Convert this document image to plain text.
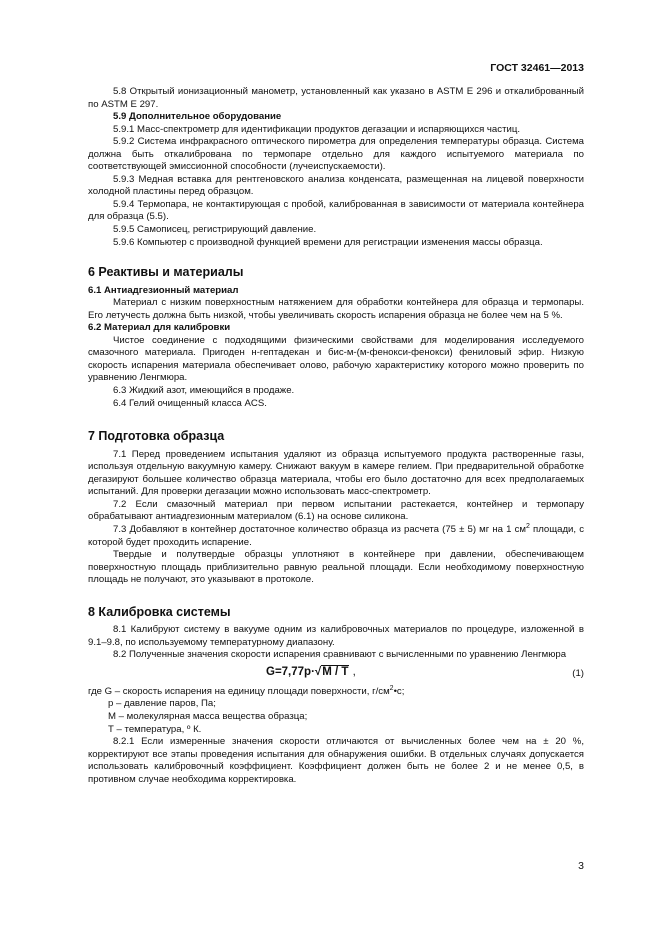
ГОСТ 32461—2013

5.8 Открытый ионизационный манометр, установленный как указано в ASTM E 296 и откалиброванный по ASTM E 297.

5.9 Дополнительное оборудование

5.9.1 Масс-спектрометр для идентификации продуктов дегазации и испаряющихся частиц.

5.9.2 Система инфракрасного оптического пирометра для определения температуры образца. Система должна быть откалибрована по термопаре отдельно для каждого испытуемого материала по соответствующей эмиссионной способности (лучеиспускаемости).

5.9.3 Медная вставка для рентгеновского анализа конденсата, размещенная на лицевой поверхности холодной пластины перед образцом.

5.9.4 Термопара, не контактирующая с пробой, калиброванная в зависимости от материала контейнера для образца (5.5).

5.9.5 Самописец, регистрирующий давление.

5.9.6 Компьютер с производной функцией времени для регистрации изменения массы образца.

6 Реактивы и материалы

6.1 Антиадгезионный материал

Материал с низким поверхностным натяжением для обработки контейнера для образца и термопары. Его летучесть должна быть низкой, чтобы увеличивать скорость испарения образца не более чем на 5 %.

6.2 Материал для калибровки

Чистое соединение с подходящими физическими свойствами для моделирования исследуемого смазочного материала. Пригоден н-гептадекан и бис-м-(м-фенокси-фенокси) фениловый эфир. Низкую скорость испарения материала обеспечивает олово, рабочую характеристику которого можно проверить по уравнению Ленгмюра.

6.3 Жидкий азот, имеющийся в продаже.

6.4 Гелий очищенный класса ACS.

7 Подготовка образца

7.1 Перед проведением испытания удаляют из образца испытуемого продукта растворенные газы, используя отдельную вакуумную камеру. Снижают вакуум в камере гелием. При предварительной обработке дегазируют большее количество образца материала, чтобы его было достаточно для всех предполагаемых испытаний. Для проверки дегазации можно использовать масс-спектрометр.

7.2 Если смазочный материал при первом испытании растекается, контейнер и термопару обрабатывают антиадгезионным материалом (6.1) на основе силикона.

7.3 Добавляют в контейнер достаточное количество образца из расчета (75 ± 5) мг на 1 $см^2$ площади, с которой будет проходить испарение.

Твердые и полутвердые образцы уплотняют в контейнере при давлении, обеспечивающем поверхностную площадь приблизительно равную реальной площади. Если необходимому поверхностную площадь не получают, это указывают в протоколе.

8 Калибровка системы

8.1 Калибруют систему в вакууме одним из калибровочных материалов по процедуре, изложенной в 9.1–9.8, по используемому температурному диапазону.

8.2 Полученные значения скорости испарения сравнивают с вычисленными по уравнению Ленгмюра

G=7,77p·√M / T ,	(1)

где G – скорость испарения на единицу площади поверхности, $г/см^2•с$;

p – давление паров, Па;

М – молекулярная масса вещества образца;

Т – температура, º К.

8.2.1 Если измеренные значения скорости отличаются от вычисленных более чем на ± 20 %, корректируют все этапы проведения испытания для обнаружения ошибки. В отдельных случаях допускается использовать калибровочный коэффициент. Коэффициент должен быть не более 2 и не менее 0,5, в противном случае необходима корректировка.

3
